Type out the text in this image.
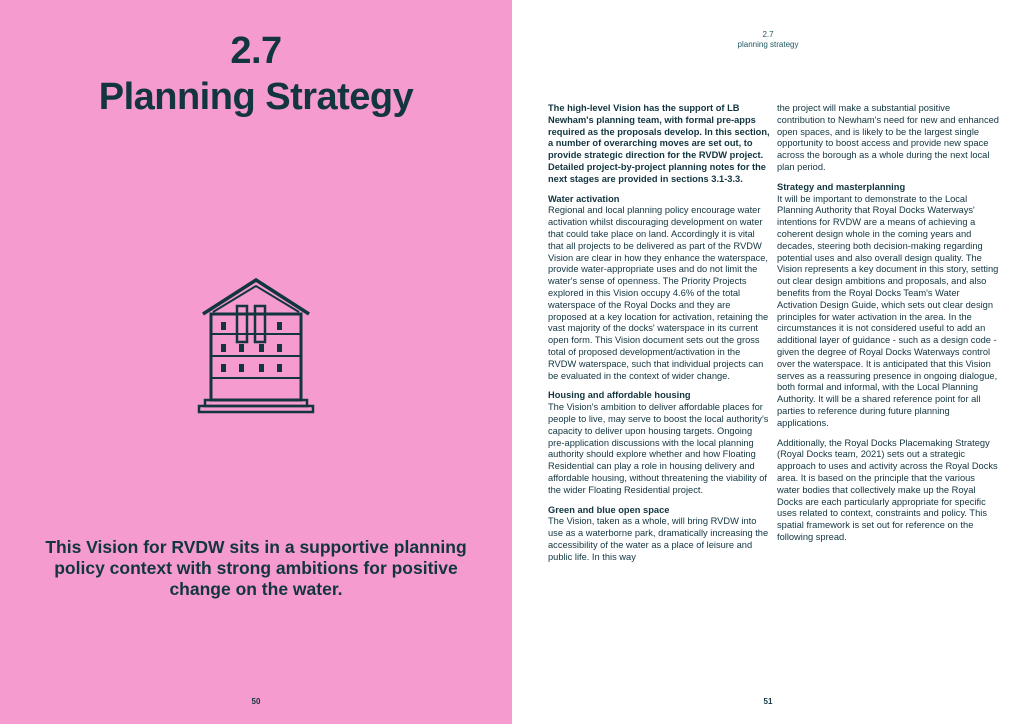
2.7
Planning Strategy

This Vision for RVDW sits in a supportive planning policy context with strong ambitions for positive change on the water.

50
2.7
planning strategy

The high-level Vision has the support of LB Newham's planning team, with formal pre-apps required as the proposals develop. In this section, a number of overarching moves are set out, to provide strategic direction for the RVDW project. Detailed project-by-project planning notes for the next stages are provided in sections 3.1-3.3.

Water activation

Regional and local planning policy encourage water activation whilst discouraging development on water that could take place on land. Accordingly it is vital that all projects to be delivered as part of the RVDW Vision are clear in how they enhance the waterspace, provide water-appropriate uses and do not limit the water's sense of openness. The Priority Projects explored in this Vision occupy 4.6% of the total waterspace of the Royal Docks and they are proposed at a key location for activation, retaining the vast majority of the docks' waterspace in its current open form. This Vision document sets out the gross total of proposed development/activation in the RVDW waterspace, such that individual projects can be evaluated in the context of wider change.

Housing and affordable housing

The Vision's ambition to deliver affordable places for people to live, may serve to boost the local authority's capacity to deliver upon housing targets. Ongoing pre-application discussions with the local planning authority should explore whether and how Floating Residential can play a role in housing delivery and affordable housing, without threatening the viability of the wider Floating Residential project.

Green and blue open space

The Vision, taken as a whole, will bring RVDW into use as a waterborne park, dramatically increasing the accessibility of the water as a place of leisure and public life. In this way

the project will make a substantial positive contribution to Newham's need for new and enhanced open spaces, and is likely to be the largest single opportunity to boost access and provide new space across the borough as a whole during the next local plan period.

Strategy and masterplanning

It will be important to demonstrate to the Local Planning Authority that Royal Docks Waterways' intentions for RVDW are a means of achieving a coherent design whole in the coming years and decades, steering both decision-making regarding potential uses and also overall design quality. The Vision represents a key document in this story, setting out clear design ambitions and proposals, and also benefits from the Royal Docks Team's Water Activation Design Guide, which sets out clear design principles for water activation in the area. In the circumstances it is not considered useful to add an additional layer of guidance - such as a design code - given the degree of Royal Docks Waterways control over the waterspace. It is anticipated that this Vision serves as a reassuring presence in ongoing dialogue, both formal and informal, with the Local Planning Authority. It will be a shared reference point for all parties to reference during future planning applications.

Additionally, the Royal Docks Placemaking Strategy (Royal Docks team, 2021) sets out a strategic approach to uses and activity across the Royal Docks area. It is based on the principle that the various water bodies that collectively make up the Royal Docks are each particularly appropriate for specific uses related to context, constraints and policy. This spatial framework is set out for reference on the following spread.

51
